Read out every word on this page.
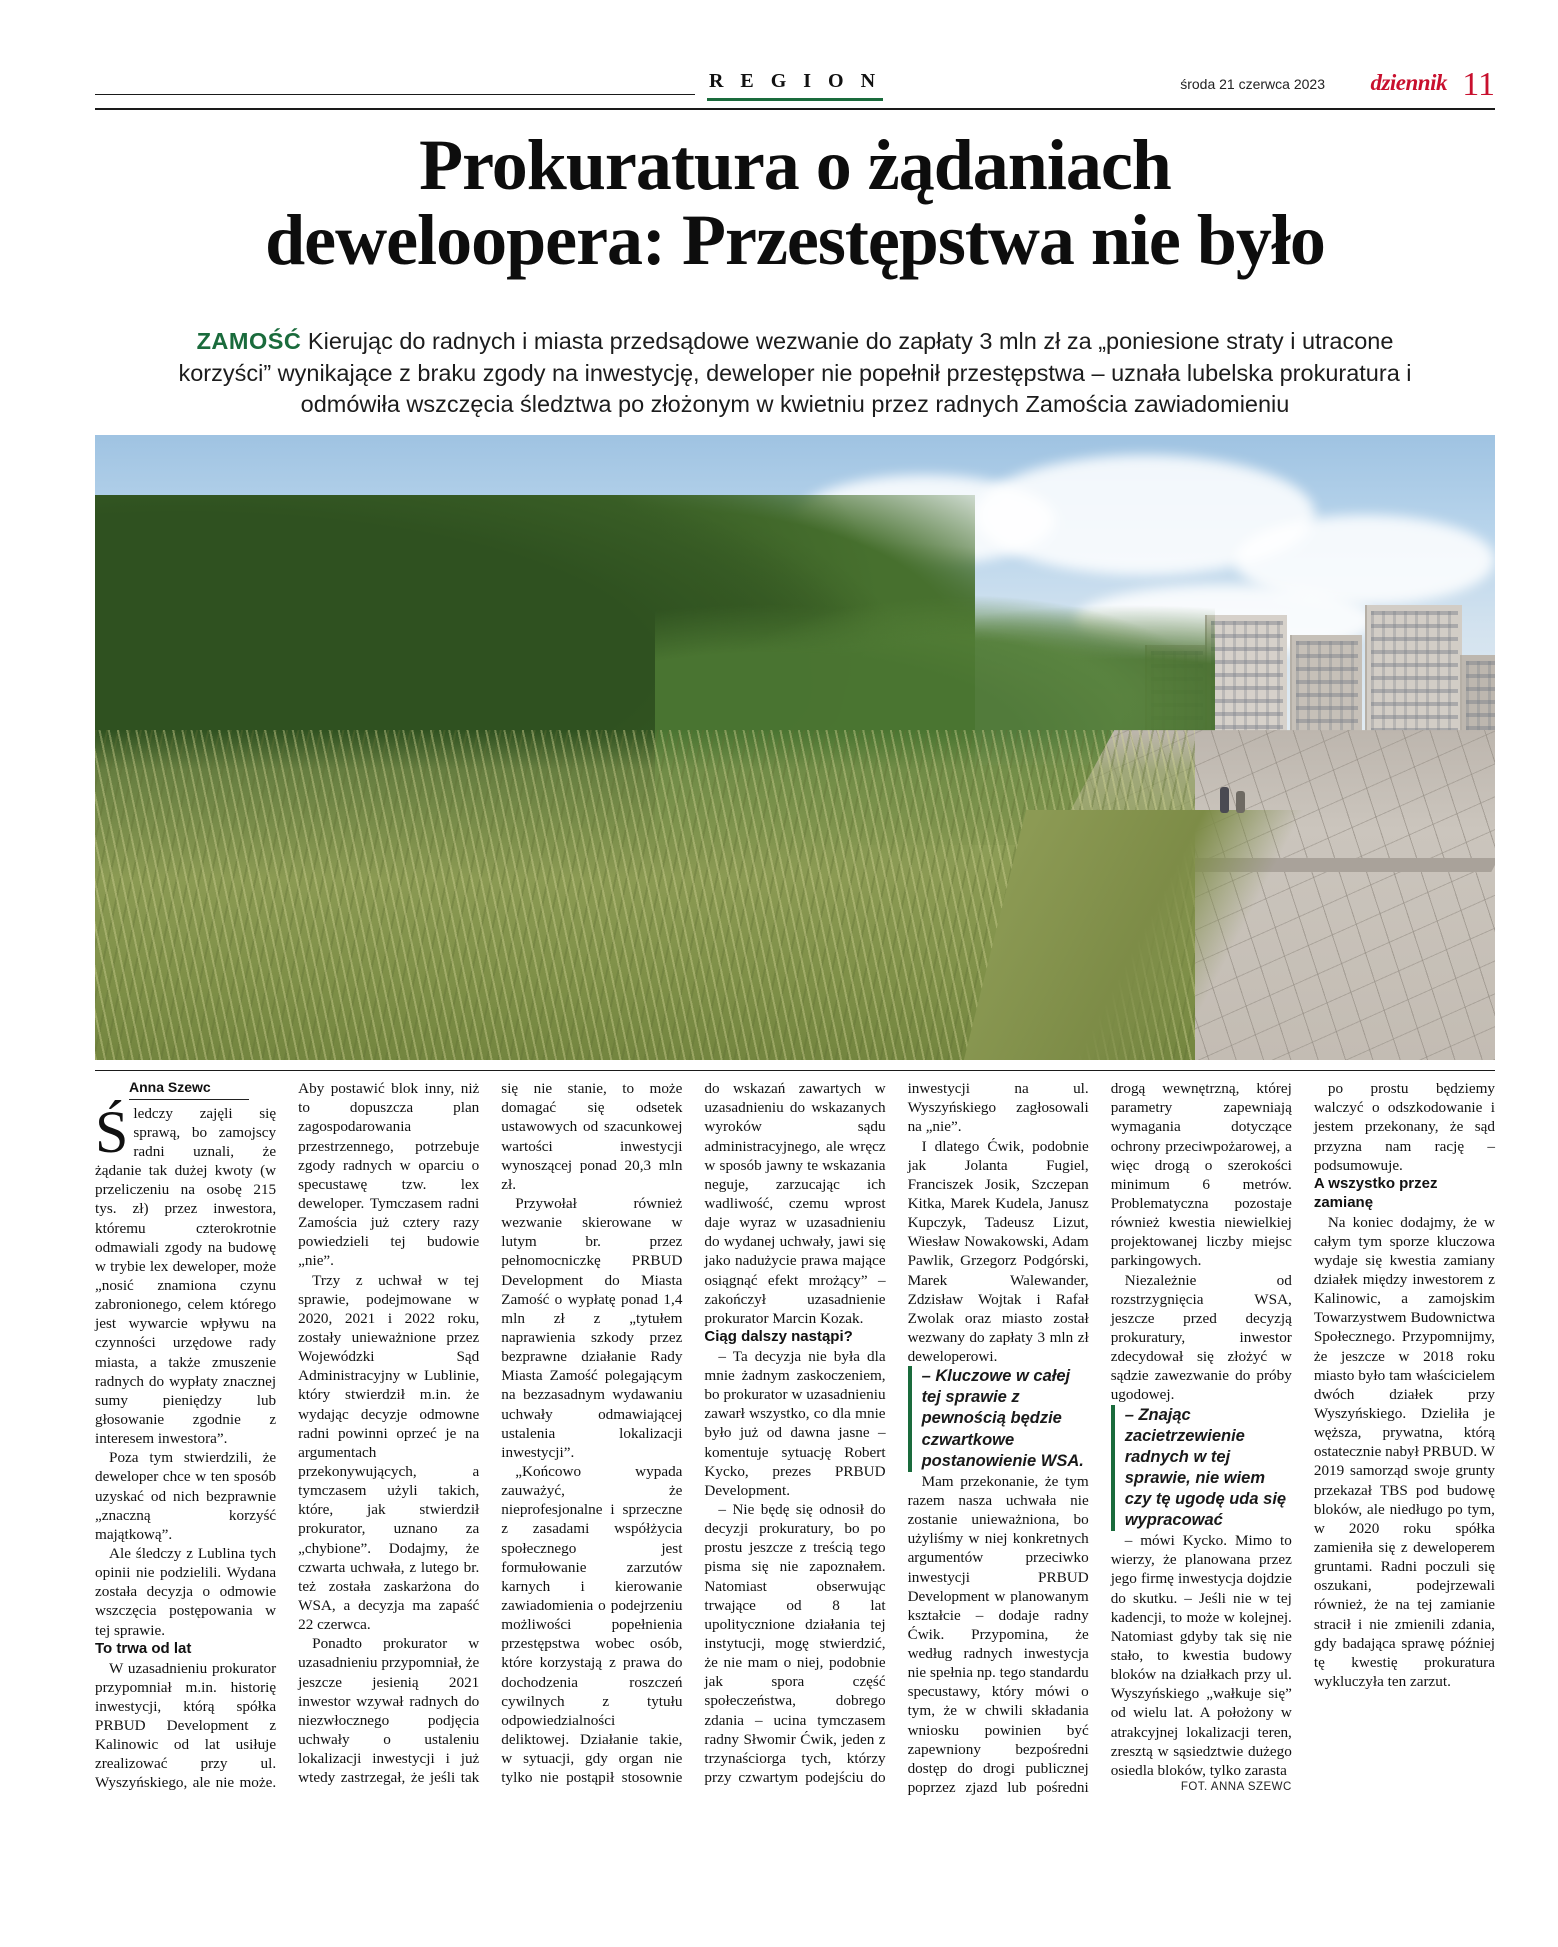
R E G I O N	środa 21 czerwca 2023 dziennik 11
Prokuratura o żądaniach
deweloopera: Przestępstwa nie było
ZAMOŚĆ Kierując do radnych i miasta przedsądowe wezwanie do zapłaty 3 mln zł za „poniesione straty i utracone korzyści” wynikające z braku zgody na inwestycję, deweloper nie popełnił przestępstwa – uznała lubelska prokuratura i odmówiła wszczęcia śledztwa po złożonym w kwietniu przez radnych Zamościa zawiadomieniu
Anna Szewc

Śledczy zajęli się sprawą, bo zamojscy radni uznali, że żądanie tak dużej kwoty (w przeliczeniu na osobę 215 tys. zł) przez inwestora, któremu czterokrotnie odmawiali zgody na budowę w trybie lex deweloper, może „nosić znamiona czynu zabronionego, celem którego jest wywarcie wpływu na czynności urzędowe rady miasta, a także zmuszenie radnych do wypłaty znacznej sumy pieniędzy lub głosowanie zgodnie z interesem inwestora”.

Poza tym stwierdzili, że deweloper chce w ten sposób uzyskać od nich bezprawnie „znaczną korzyść majątkową”.

Ale śledczy z Lublina tych opinii nie podzielili. Wydana została decyzja o odmowie wszczęcia postępowania w tej sprawie.

To trwa od lat

W uzasadnieniu prokurator przypomniał m.in. historię inwestycji, którą spółka PRBUD Development z Kalinowic od lat usiłuje zrealizować przy ul. Wyszyńskiego, ale nie może. Aby postawić blok inny, niż to dopuszcza plan zagospodarowania przestrzennego, potrzebuje zgody radnych w oparciu o specustawę tzw. lex deweloper. Tymczasem radni Zamościa już cztery razy powiedzieli tej budowie „nie”.

Trzy z uchwał w tej sprawie, podejmowane w 2020, 2021 i 2022 roku, zostały unieważnione przez Wojewódzki Sąd Administracyjny w Lublinie, który stwierdził m.in. że wydając decyzje odmowne radni powinni oprzeć je na argumentach przekonywujących, a tymczasem użyli takich, które, jak stwierdził prokurator, uznano za „chybione”. Dodajmy, że czwarta uchwała, z lutego br. też została zaskarżona do WSA, a decyzja ma zapaść 22 czerwca.

Ponadto prokurator w uzasadnieniu przypomniał, że jeszcze jesienią 2021 inwestor wzywał radnych do niezwłocznego podjęcia uchwały o ustaleniu lokalizacji inwestycji i już wtedy zastrzegał, że jeśli tak się nie stanie, to może domagać się odsetek ustawowych od szacunkowej wartości inwestycji wynoszącej ponad 20,3 mln zł.

Przywołał również wezwanie skierowane w lutym br. przez pełnomocniczkę PRBUD Development do Miasta Zamość o wypłatę ponad 1,4 mln zł z „tytułem naprawienia szkody przez bezprawne działanie Rady Miasta Zamość polegającym na bezzasadnym wydawaniu uchwały odmawiającej ustalenia lokalizacji inwestycji”.

„Końcowo wypada zauważyć, że nieprofesjonalne i sprzeczne z zasadami współżycia społecznego jest formułowanie zarzutów karnych i kierowanie zawiadomienia o podejrzeniu możliwości popełnienia przestępstwa wobec osób, które korzystają z prawa do dochodzenia roszczeń cywilnych z tytułu odpowiedzialności deliktowej. Działanie takie, w sytuacji, gdy organ nie tylko nie postąpił stosownie do wskazań zawartych w uzasadnieniu do wskazanych wyroków sądu administracyjnego, ale wręcz w sposób jawny te wskazania neguje, zarzucając ich wadliwość, czemu wprost daje wyraz w uzasadnieniu do wydanej uchwały, jawi się jako nadużycie prawa mające osiągnąć efekt mrożący” – zakończył uzasadnienie prokurator Marcin Kozak.

Ciąg dalszy nastąpi?

– Ta decyzja nie była dla mnie żadnym zaskoczeniem, bo prokurator w uzasadnieniu zawarł wszystko, co dla mnie było już od dawna jasne – komentuje sytuację Robert Kycko, prezes PRBUD Development.

– Nie będę się odnosił do decyzji prokuratury, bo po prostu jeszcze z treścią tego pisma się nie zapoznałem. Natomiast obserwując trwające od 8 lat upolitycznione działania tej instytucji, mogę stwierdzić, że nie mam o niej, podobnie jak spora część społeczeństwa, dobrego zdania – ucina tymczasem radny Słwomir Ćwik, jeden z trzynaściorga tych, którzy przy czwartym podejściu do inwestycji na ul. Wyszyńskiego zagłosowali na „nie”.

I dlatego Ćwik, podobnie jak Jolanta Fugiel, Franciszek Josik, Szczepan Kitka, Marek Kudela, Janusz Kupczyk, Tadeusz Lizut, Wiesław Nowakowski, Adam Pawlik, Grzegorz Podgórski, Marek Walewander, Zdzisław Wojtak i Rafał Zwolak oraz miasto został wezwany do zapłaty 3 mln zł deweloperowi.

– Kluczowe w całej tej sprawie z pewnością będzie czwartkowe postanowienie WSA.
”

Mam przekonanie, że tym razem nasza uchwała nie zostanie unieważniona, bo użyliśmy w niej konkretnych argumentów przeciwko inwestycji PRBUD Development w planowanym kształcie – dodaje radny Ćwik. Przypomina, że według radnych inwestycja nie spełnia np. tego standardu specustawy, który mówi o tym, że w chwili składania wniosku powinien być zapewniony bezpośredni dostęp do drogi publicznej poprzez zjazd lub pośredni drogą wewnętrzną, której parametry zapewniają wymagania dotyczące ochrony przeciwpożarowej, a więc drogą o szerokości minimum 6 metrów. Problematyczna pozostaje również kwestia niewielkiej projektowanej liczby miejsc parkingowych.

Niezależnie od rozstrzygnięcia WSA, jeszcze przed decyzją prokuratury, inwestor zdecydował się złożyć w sądzie zawezwanie do próby ugodowej.

– Znając zacietrzewienie radnych w tej sprawie, nie wiem czy tę ugodę uda się wypracować ”

– mówi Kycko. Mimo to wierzy, że planowana przez jego firmę inwestycja dojdzie do skutku. – Jeśli nie w tej kadencji, to może w kolejnej. Natomiast gdyby tak się nie stało, to kwestia budowy bloków na działkach przy ul. Wyszyńskiego „wałkuje się” od wielu lat. A położony w atrakcyjnej lokalizacji teren, zresztą w sąsiedztwie dużego osiedla bloków, tylko zarasta

FOT. ANNA SZEWC

po prostu będziemy walczyć o odszkodowanie i jestem przekonany, że sąd przyzna nam rację – podsumowuje.

A wszystko przez zamianę

Na koniec dodajmy, że w całym tym sporze kluczowa wydaje się kwestia zamiany działek między inwestorem z Kalinowic, a zamojskim Towarzystwem Budownictwa Społecznego. Przypomnijmy, że jeszcze w 2018 roku miasto było tam właścicielem dwóch działek przy Wyszyńskiego. Dzieliła je węższa, prywatna, którą ostatecznie nabył PRBUD. W 2019 samorząd swoje grunty przekazał TBS pod budowę bloków, ale niedługo po tym, w 2020 roku spółka zamieniła się z deweloperem gruntami. Radni poczuli się oszukani, podejrzewali również, że na tej zamianie stracił i nie zmienili zdania, gdy badająca sprawę później tę kwestię prokuratura wykluczyła ten zarzut.
